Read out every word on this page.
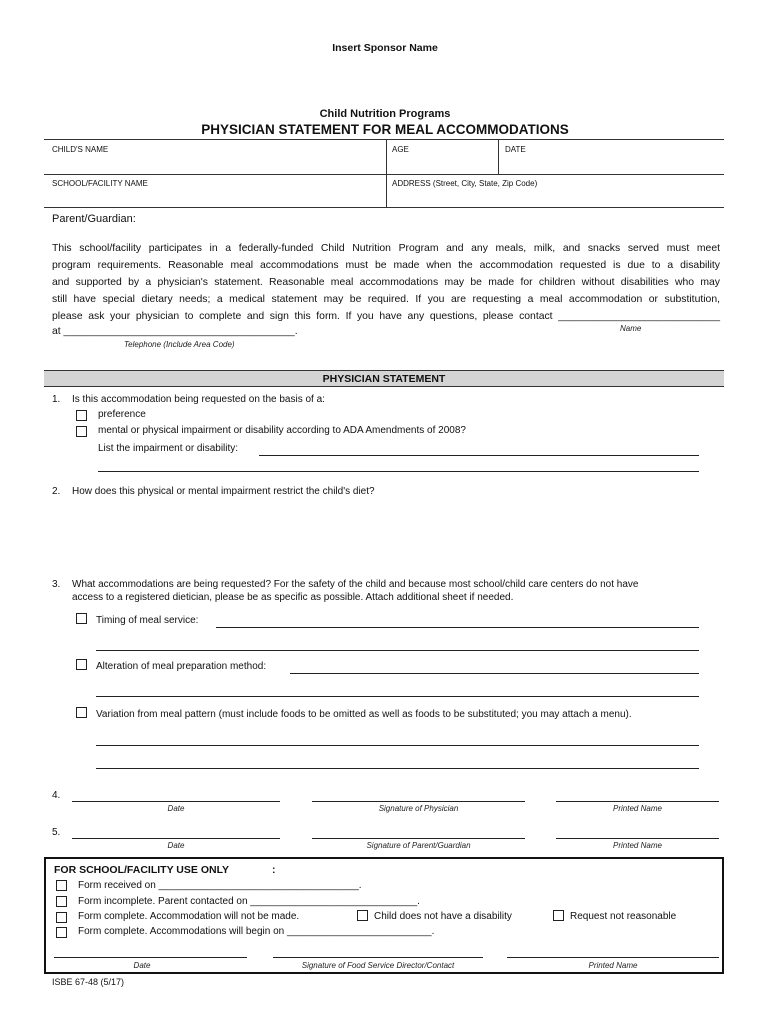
Insert Sponsor Name
Child Nutrition Programs
PHYSICIAN STATEMENT FOR MEAL ACCOMMODATIONS
CHILD'S NAME	AGE	DATE
SCHOOL/FACILITY NAME	ADDRESS (Street, City, State, Zip Code)
Parent/Guardian:
This school/facility participates in a federally-funded Child Nutrition Program and any meals, milk, and snacks served must meet
program requirements. Reasonable meal accommodations must be made when the accommodation requested is due to a disability
and supported by a physician's statement. Reasonable meal accommodations may be made for children without disabilities who may
still have special dietary needs; a medical statement may be required. If you are requesting a meal accommodation or substitution,
please ask your physician to complete and sign this form. If you have any questions, please contact ____________________________
Name
at ________________________________________.
Telephone (Include Area Code)
PHYSICIAN STATEMENT
1. Is this accommodation being requested on the basis of a:
preference
mental or physical impairment or disability according to ADA Amendments of 2008?
List the impairment or disability:
2. How does this physical or mental impairment restrict the child's diet?
3. What accommodations are being requested? For the safety of the child and because most school/child care centers do not have
access to a registered dietician, please be as specific as possible. Attach additional sheet if needed.
Timing of meal service:
Alteration of meal preparation method:
Variation from meal pattern (must include foods to be omitted as well as foods to be substituted; you may attach a menu).
4.
Date	Signature of Physician	Printed Name
5.
Date	Signature of Parent/Guardian	Printed Name
FOR SCHOOL/FACILITY USE ONLY	:
Form received on ____________________________________.
Form incomplete. Parent contacted on ______________________________.
Form complete. Accommodation will not be made.	Child does not have a disability	Request not reasonable
Form complete. Accommodations will begin on __________________________.
Date	Signature of Food Service Director/Contact	Printed Name
ISBE 67-48 (5/17)
